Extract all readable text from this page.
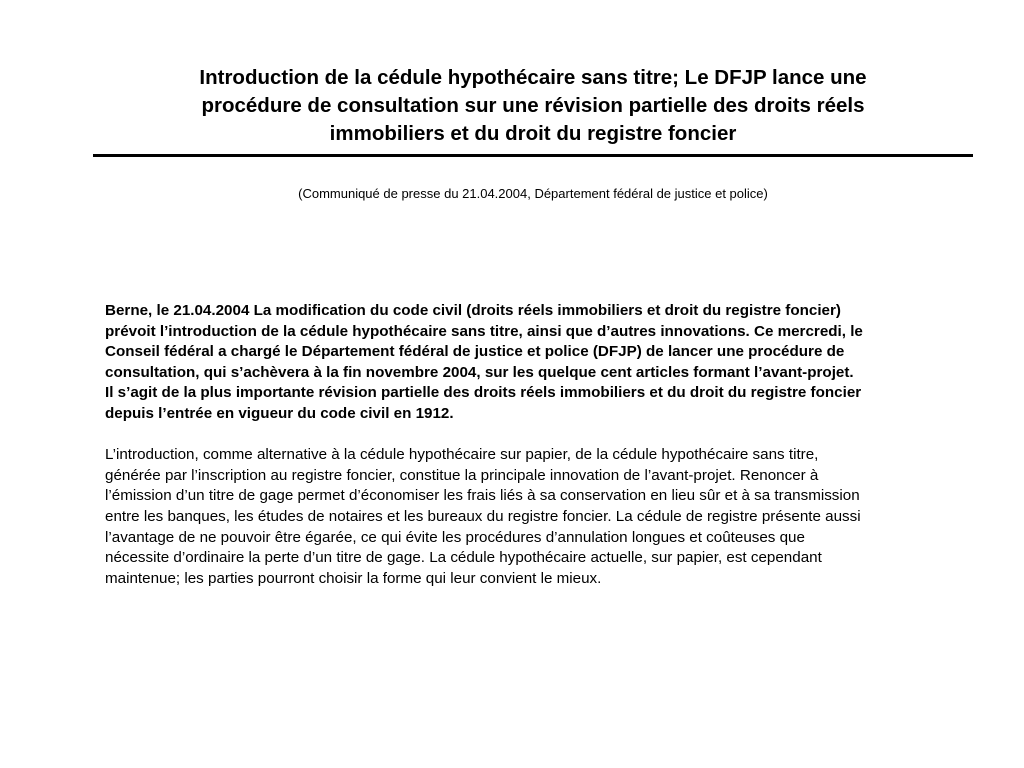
Introduction de la cédule hypothécaire sans titre; Le DFJP lance une
procédure de consultation sur une révision partielle des droits réels
immobiliers et du droit du registre foncier
(Communiqué de presse du 21.04.2004, Département fédéral de justice et police)

Berne, le 21.04.2004 La modification du code civil (droits réels immobiliers et droit du registre foncier)
prévoit l’introduction de la cédule hypothécaire sans titre, ainsi que d’autres innovations. Ce mercredi, le
Conseil fédéral a chargé le Département fédéral de justice et police (DFJP) de lancer une procédure de
consultation, qui s’achèvera à la fin novembre 2004, sur les quelque cent articles formant l’avant-projet.
Il s’agit de la plus importante révision partielle des droits réels immobiliers et du droit du registre foncier
depuis l’entrée en vigueur du code civil en 1912.

L’introduction, comme alternative à la cédule hypothécaire sur papier, de la cédule hypothécaire sans titre,
générée par l’inscription au registre foncier, constitue la principale innovation de l’avant-projet. Renoncer à
l’émission d’un titre de gage permet d’économiser les frais liés à sa conservation en lieu sûr et à sa transmission
entre les banques, les études de notaires et les bureaux du registre foncier. La cédule de registre présente aussi
l’avantage de ne pouvoir être égarée, ce qui évite les procédures d’annulation longues et coûteuses que
nécessite d’ordinaire la perte d’un titre de gage. La cédule hypothécaire actuelle, sur papier, est cependant
maintenue; les parties pourront choisir la forme qui leur convient le mieux.
